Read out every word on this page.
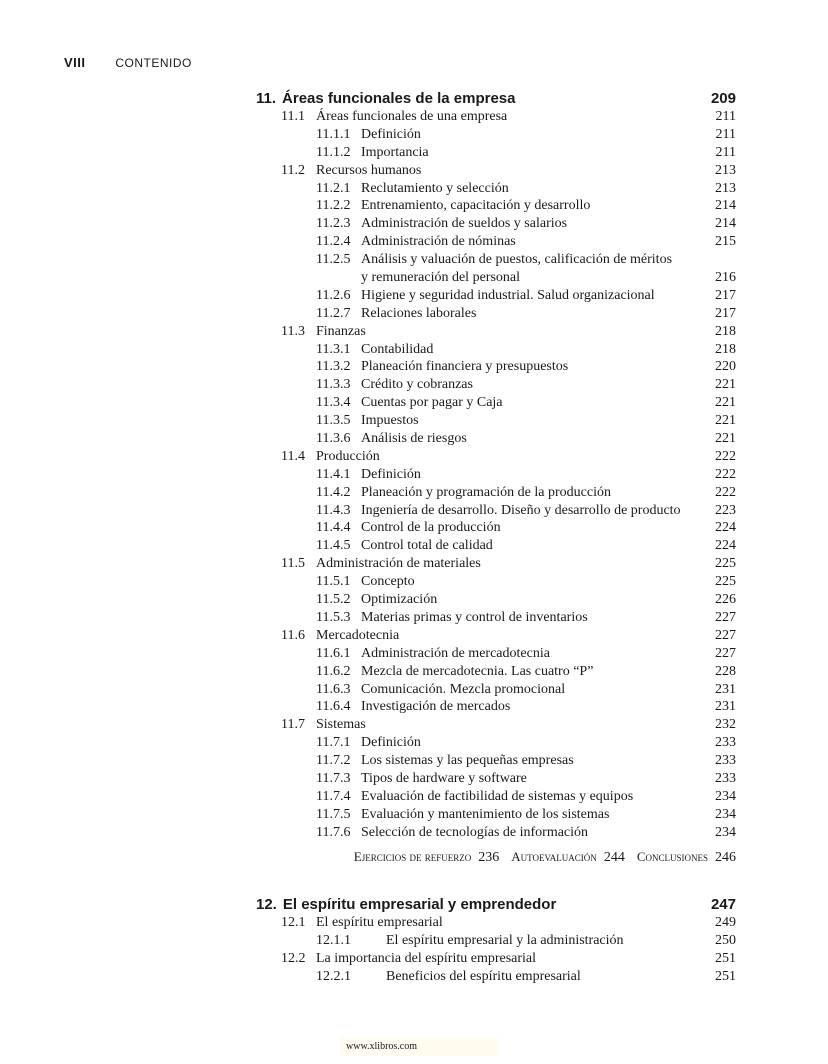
VIII CONTENIDO
11. Áreas funcionales de la empresa	209
11.1 Áreas funcionales de una empresa	211
11.1.1 Definición	211
11.1.2 Importancia	211
11.2 Recursos humanos	213
11.2.1 Reclutamiento y selección	213
11.2.2 Entrenamiento, capacitación y desarrollo	214
11.2.3 Administración de sueldos y salarios	214
11.2.4 Administración de nóminas	215
11.2.5 Análisis y valuación de puestos, calificación de méritos
y remuneración del personal	216
11.2.6 Higiene y seguridad industrial. Salud organizacional	217
11.2.7 Relaciones laborales	217
11.3 Finanzas	218
11.3.1 Contabilidad	218
11.3.2 Planeación financiera y presupuestos	220
11.3.3 Crédito y cobranzas	221
11.3.4 Cuentas por pagar y Caja	221
11.3.5 Impuestos	221
11.3.6 Análisis de riesgos	221
11.4 Producción	222
11.4.1 Definición	222
11.4.2 Planeación y programación de la producción	222
11.4.3 Ingeniería de desarrollo. Diseño y desarrollo de producto 223
11.4.4 Control de la producción	224
11.4.5 Control total de calidad	224
11.5 Administración de materiales	225
11.5.1 Concepto	225
11.5.2 Optimización	226
11.5.3 Materias primas y control de inventarios	227
11.6 Mercadotecnia	227
11.6.1 Administración de mercadotecnia	227
11.6.2 Mezcla de mercadotecnia. Las cuatro “P”	228
11.6.3 Comunicación. Mezcla promocional	231
11.6.4 Investigación de mercados	231
11.7 Sistemas	232
11.7.1 Definición	233
11.7.2 Los sistemas y las pequeñas empresas	233
11.7.3 Tipos de hardware y software	233
11.7.4 Evaluación de factibilidad de sistemas y equipos	234
11.7.5 Evaluación y mantenimiento de los sistemas	234
11.7.6 Selección de tecnologías de información	234
Ejercicios de refuerzo 236 Autoevaluación 244 Conclusiones 246
12. El espíritu empresarial y emprendedor	247
12.1 El espíritu empresarial	249
12.1.1	El espíritu empresarial y la administración	250
12.2 La importancia del espíritu empresarial	251
12.2.1	Beneficios del espíritu empresarial	251
www.xlibros.com
